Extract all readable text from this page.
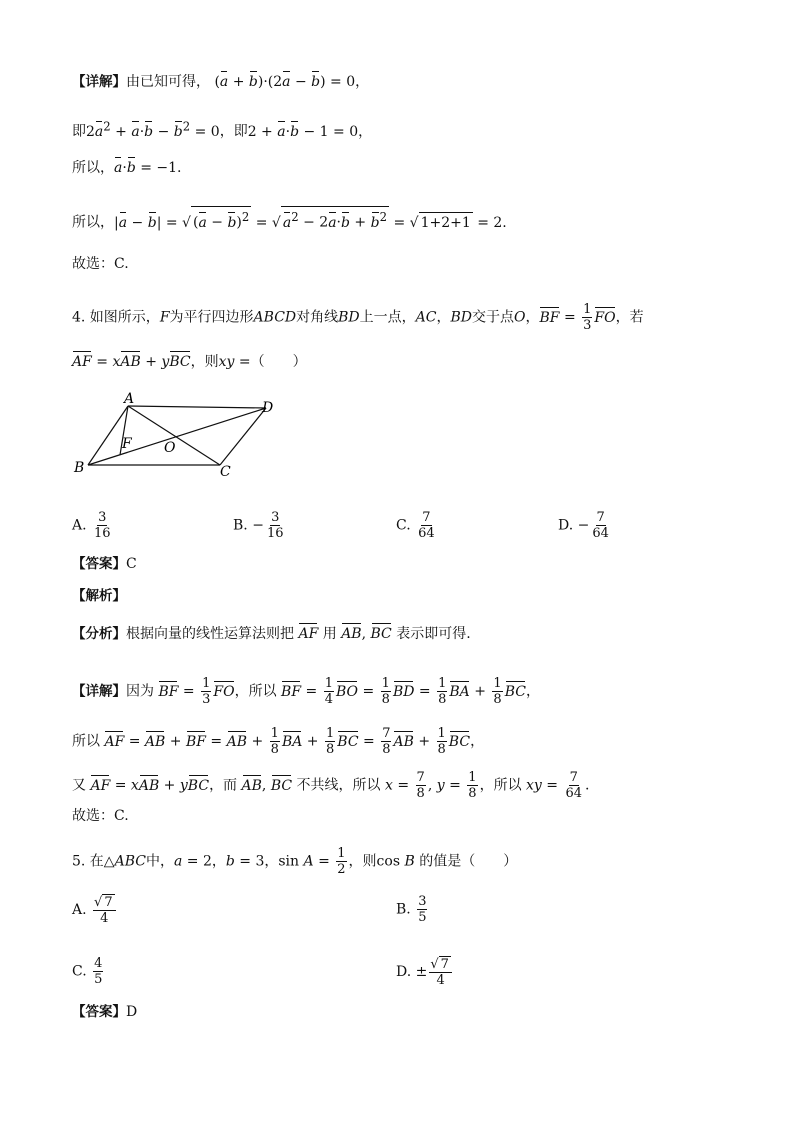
【详解】由已知可得， (a + b)·(2a − b) = 0，
即$2a^2 + a\cdot b - b^2 = 0$，即2 + a·b − 1 = 0，
所以，a·b = −1.
所以，|a − b| = √ $(a - b)^2$ = √ $a^2 - 2a\cdot b + b^2$ = √ 1+2+1 = 2.
故选：C.
4. 如图所示，F为平行四边形ABCD对角线BD上一点，AC，BD交于点O，BF = $\frac{1}{3}$ FO，若
AF = xAB + yBC，则xy =（　　）
A
D
F O
B	C
A. $\frac{3}{16}$	B. − $\frac{3}{16}$	C. $\frac{7}{64}$	D. − $\frac{7}{64}$
【答案】C
【解析】
【分析】根据向量的线性运算法则把 AF 用 AB, BC 表示即可得.
【详解】因为 BF = $\frac{1}{3}$ FO，所以 BF = $\frac{1}{4}$ BO = $\frac{1}{8}$ BD = $\frac{1}{8}$ BA + $\frac{1}{8}$ BC，
所以 AF = AB + BF = AB + $\frac{1}{8}$ BA + $\frac{1}{8}$ BC = $\frac{7}{8}$ AB + $\frac{1}{8}$ BC，
又 AF = xAB + yBC，而 AB, BC 不共线，所以 $x = \frac{7}{8}$ , $y = \frac{1}{8}$ ，所以 xy = $\frac{7}{64}$ .
故选：C.
5. 在△ABC中，a = 2，b = 3，$\sin A = \frac{1}{2}$ ，则cos B 的值是（　　）
A. $\frac{√ 7}{4}$	B. $\frac{3}{5}$
C. $\frac{4}{5}$	D. ± $\frac{√ 7}{4}$
【答案】D
